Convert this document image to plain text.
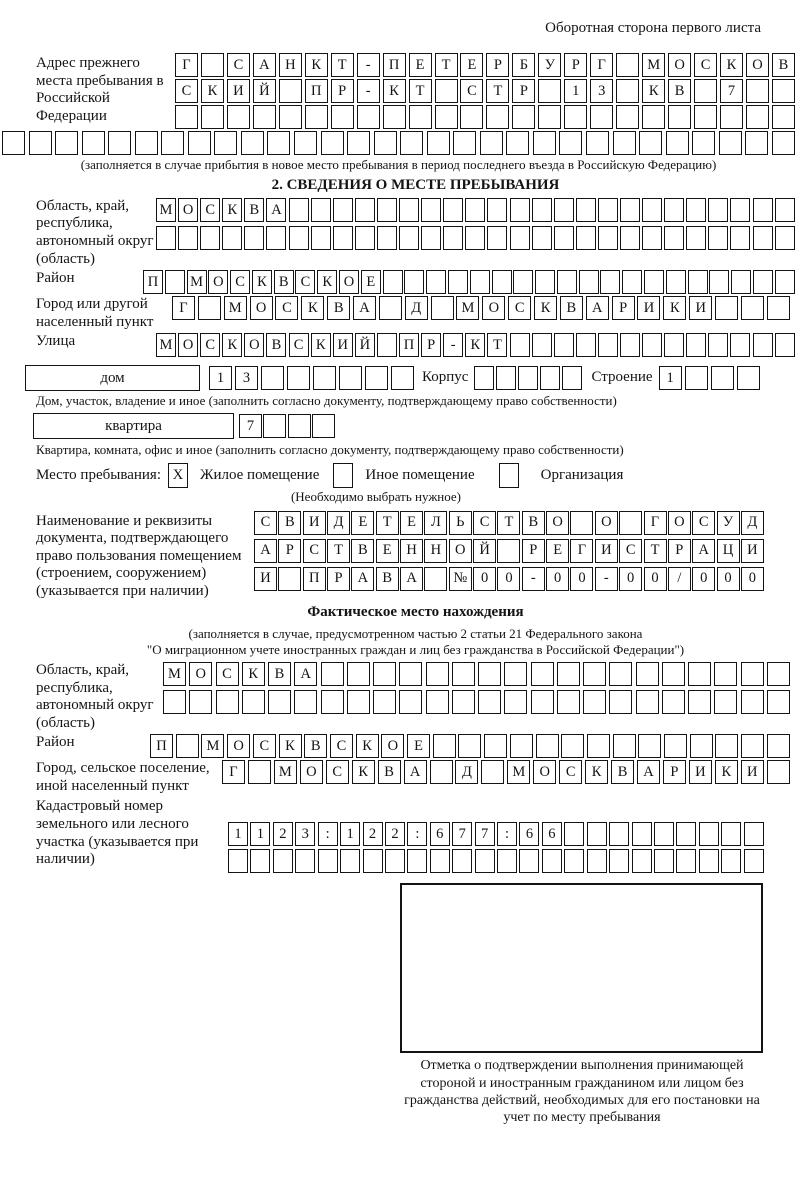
Оборотная сторона первого листа
Адрес прежнего места пребывания в Российской Федерации
Г	С	А	Н	К	Т	-	П	Е	Т	Е	Р	Б	У	Р	Г	М О	С	К	О	В
С	К	И	Й	П	Р	-	К	Т	С	Т	Р	1	3	К	В	7
(заполняется в случае прибытия в новое место пребывания в период последнего въезда в Российскую Федерацию)
2. СВЕДЕНИЯ О МЕСТЕ ПРЕБЫВАНИЯ
Область, край, республика, автономный округ (область)
М О С К В А
Район	П	М О С К В С К О Е
Город или другой населенный пункт
Г	М О	С	К	В	А	Д	М О	С	К	В	А	Р	И	К	И
Улица	М О С К О В С К И Й	П Р	-	К Т
дом	1	3	Корпус	Строение 1
Дом, участок, владение и иное (заполнить согласно документу, подтверждающему право собственности)
квартира	7
Квартира, комната, офис и иное (заполнить согласно документу, подтверждающему право собственности)
Место пребывания: X	Жилое помещение	Иное помещение	Организация
(Необходимо выбрать нужное)
Наименование и реквизиты документа, подтверждающего право пользования помещением (строением, сооружением) (указывается при наличии)
С	В И Д	Е	Т	Е	Л	Ь	С	Т	В О	О	Г	О С У Д
А	Р	С	Т	В	Е	Н Н О Й	Р	Е	Г	И С	Т	Р	А Ц И
И	П	Р	А В А	№ 0	0	-	0	0	-	0	0	/	0	0	0
Фактическое место нахождения
(заполняется в случае, предусмотренном частью 2 статьи 21 Федерального закона
"О миграционном учете иностранных граждан и лиц без гражданства в Российской Федерации")
Область, край, республика, автономный округ (область)
М	О	С	К	В	А
Район	П	М О	С	К	В	С	К	О	Е
Город, сельское поселение, иной населенный пункт
Г	М О	С	К	В	А	Д	М О	С	К	В	А	Р	И	К	И
Кадастровый номер земельного или лесного участка (указывается при наличии)
1	1	2	3	:	1	2	2	:	6	7	7	:	6	6
Отметка о подтверждении выполнения принимающей стороной и иностранным гражданином или лицом без гражданства действий, необходимых для его постановки на учет по месту пребывания
